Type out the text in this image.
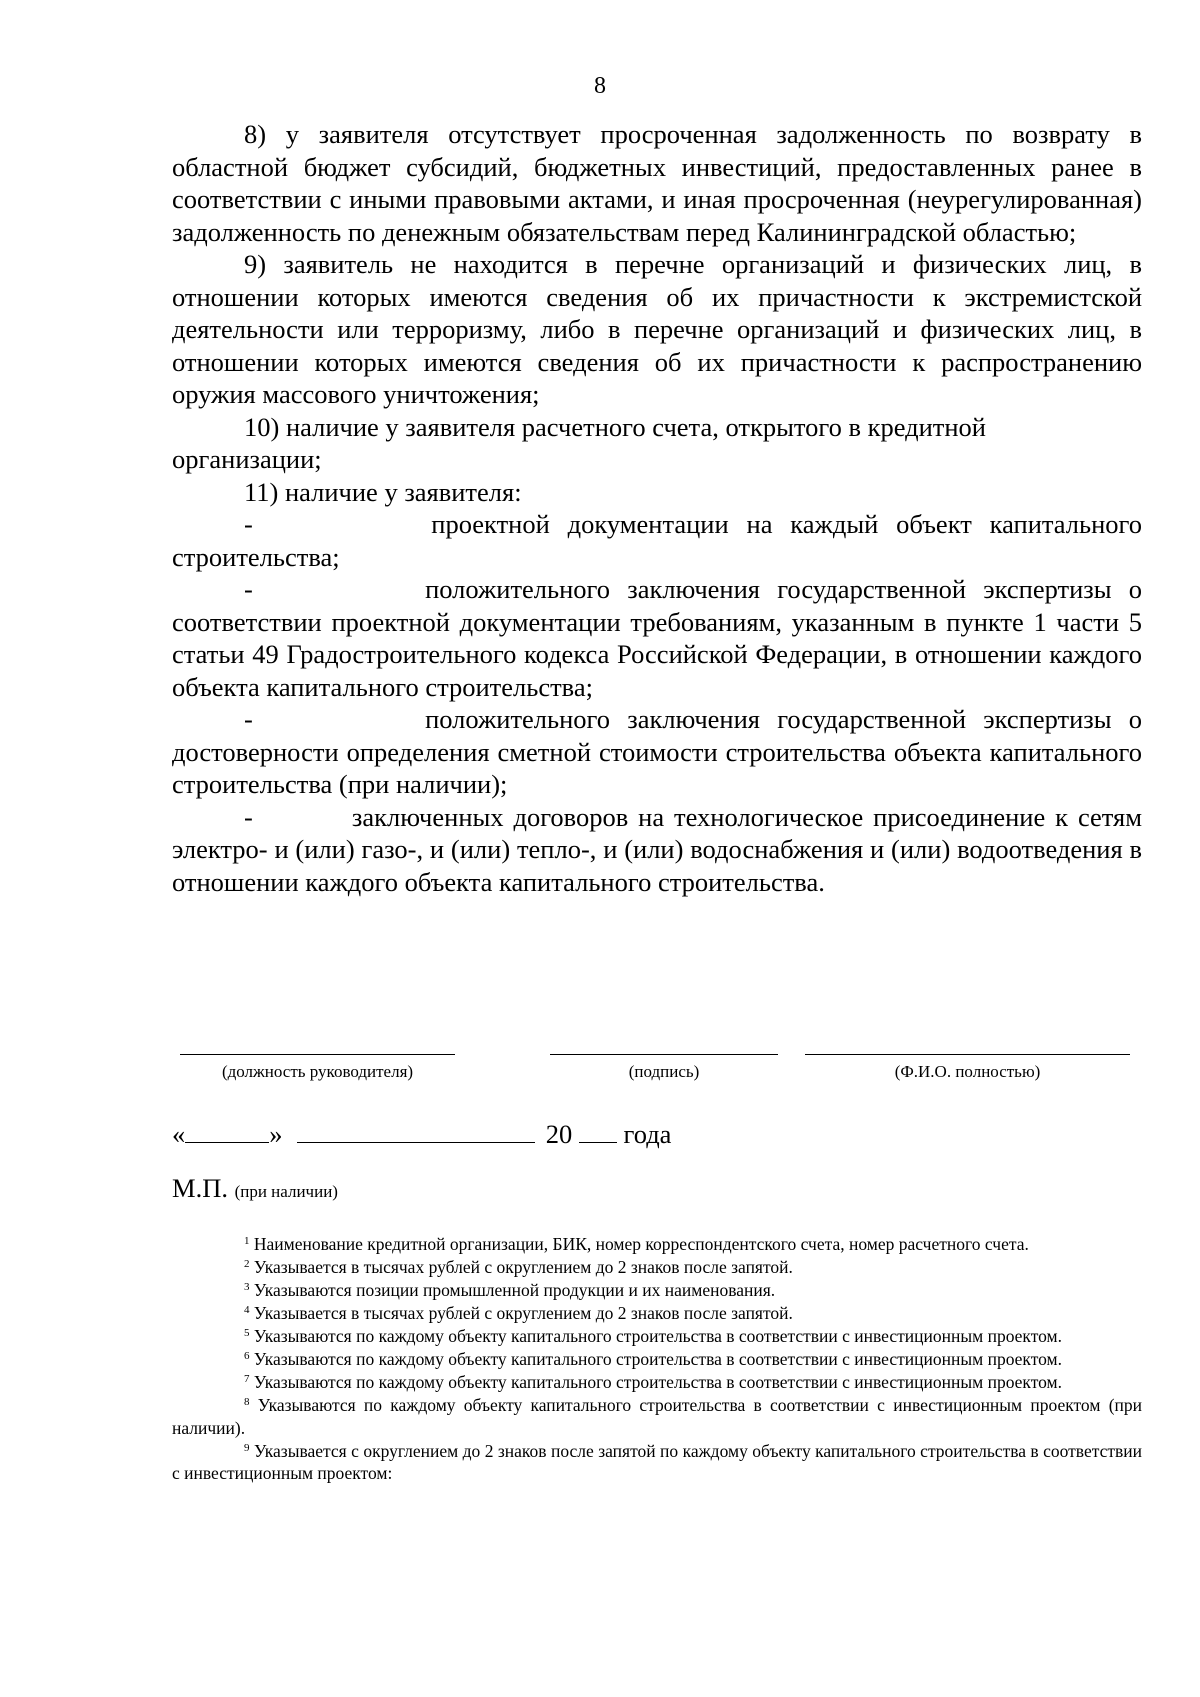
8

8) у заявителя отсутствует просроченная задолженность по возврату в областной бюджет субсидий, бюджетных инвестиций, предоставленных ранее в соответствии с иными правовыми актами, и иная просроченная (неурегулированная) задолженность по денежным обязательствам перед Калининградской областью;

9) заявитель не находится в перечне организаций и физических лиц, в отношении которых имеются сведения об их причастности к экстремистской деятельности или терроризму, либо в перечне организаций и физических лиц, в отношении которых имеются сведения об их причастности к распространению оружия массового уничтожения;

10) наличие у заявителя расчетного счета, открытого в кредитной организации;

11) наличие у заявителя:

-          проектной документации на каждый объект капитального строительства;

-          положительного заключения государственной экспертизы о соответствии проектной документации требованиям, указанным в пункте 1 части 5 статьи 49 Градостроительного кодекса Российской Федерации, в отношении каждого объекта капитального строительства;

-          положительного заключения государственной экспертизы о достоверности определения сметной стоимости строительства объекта капитального строительства (при наличии);

-          заключенных договоров на технологическое присоединение к сетям электро- и (или) газо-, и (или) тепло-, и (или) водоснабжения и (или) водоотведения в отношении каждого объекта капитального строительства.

(должность руководителя)	(подпись)	(Ф.И.О. полностью)
«	»	20 года
М.П. (при наличии)

$^1$ Наименование кредитной организации, БИК, номер корреспондентского счета, номер расчетного счета.

$^2$ Указывается в тысячах рублей с округлением до 2 знаков после запятой.

$^3$ Указываются позиции промышленной продукции и их наименования.

$^4$ Указывается в тысячах рублей с округлением до 2 знаков после запятой.

$^5$ Указываются по каждому объекту капитального строительства в соответствии с инвестиционным проектом.

$^6$ Указываются по каждому объекту капитального строительства в соответствии с инвестиционным проектом.

$^7$ Указываются по каждому объекту капитального строительства в соответствии с инвестиционным проектом.

$^8$ Указываются по каждому объекту капитального строительства в соответствии с инвестиционным проектом (при наличии).

$^9$ Указывается с округлением до 2 знаков после запятой по каждому объекту капитального строительства в соответствии с инвестиционным проектом:
